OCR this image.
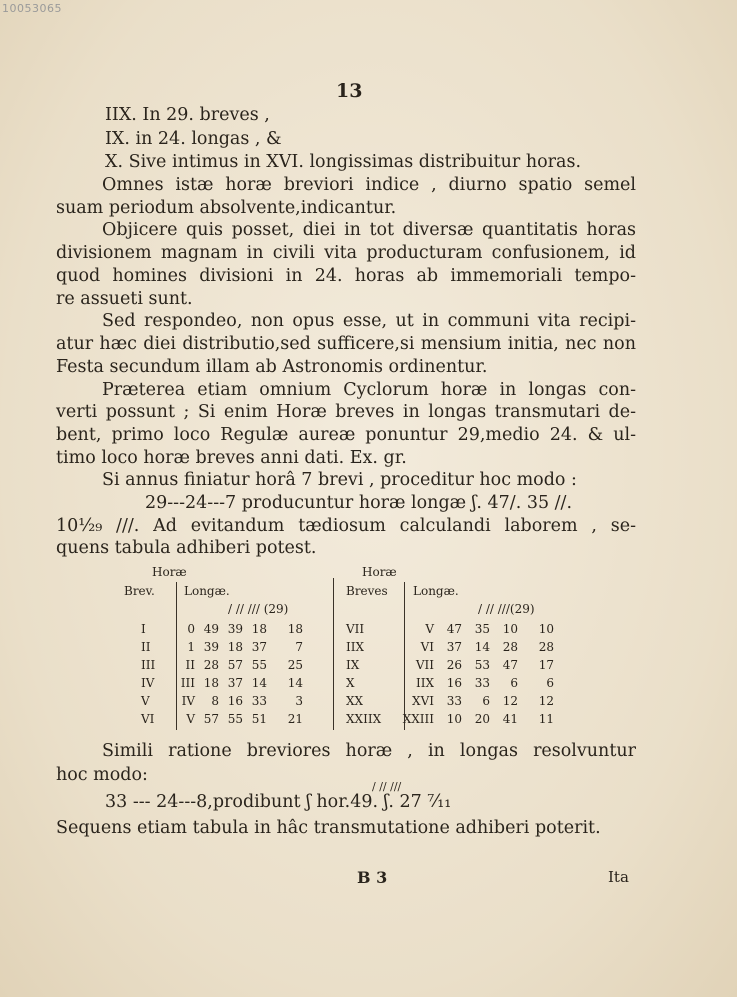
10053065
13
IIX. In 29. breves ,
IX. in 24. longas , &
X. Sive intimus in XVI. longissimas distribuitur horas.
Omnes istæ horæ breviori indice , diurno spatio semel
suam periodum absolvente,indicantur.
Objicere quis posset, diei in tot diversæ quantitatis horas
divisionem magnam in civili vita producturam confusionem, id
quod homines divisioni in 24. horas ab immemoriali tempo-
re assueti sunt.
Sed respondeo, non opus esse, ut in communi vita recipi-
atur hæc diei distributio,sed sufficere,si mensium initia, nec non
Festa secundum illam ab Astronomis ordinentur.
Præterea etiam omnium Cyclorum horæ in longas con-
verti possunt ; Si enim Horæ breves in longas transmutari de-
bent, primo loco Regulæ aureæ ponuntur 29,medio 24. & ul-
timo loco horæ breves anni dati. Ex. gr.
Si annus finiatur horâ 7 brevi , proceditur hoc modo :
29---24---7 producuntur horæ longæ ʃ. 47/. 35 //.
10⅟₂₉ ///. Ad evitandum tædiosum calculandi laborem , se-
quens tabula adhiberi potest.
Horæ
Brev. Longæ.
/ // /// (29)
I	0	49	39	18	18
II	1	39	18	37	7
III	II	28	57	55	25
IV	III	18	37	14	14
V	IV	8	16	33	3
VI	V	57	55	51	21
Horæ
Breves Longæ.
/ // ///(29)
VII	V	47	35	10	10
IIX	VI	37	14	28	28
IX	VII	26	53	47	17
X	IIX	16	33	6	6
XX	XVI	33	6	12	12
XXIIX	XXIII	10	20	41	11
Simili ratione breviores horæ , in longas resolvuntur
hoc modo:
/ // ///
33 --- 24---8,prodibunt ʃ hor.49. ʃ. 27 ⁷⁄₁₁
Sequens etiam tabula in hâc transmutatione adhiberi poterit.
B 3	Ita
